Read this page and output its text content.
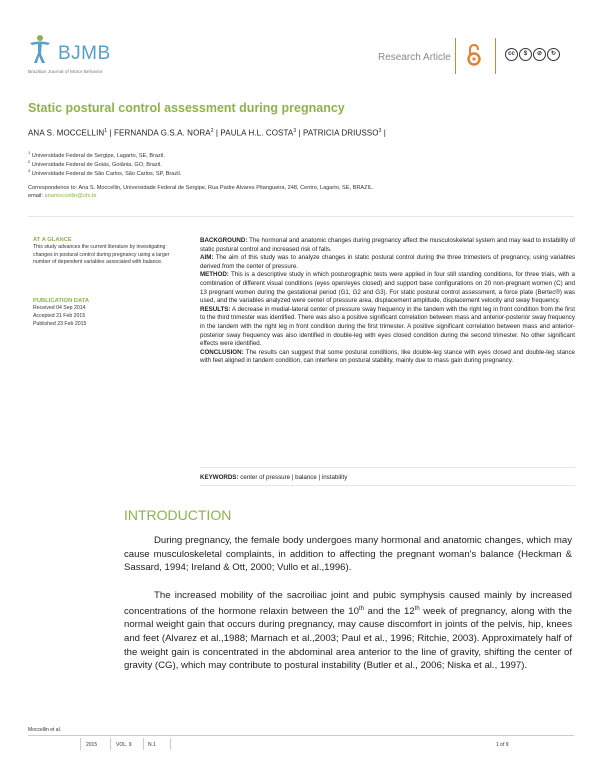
BJMB
Brazilian Journal of Motor Behavior
Research Article	cc	$	⊘	↻
Static postural control assessment during pregnancy
ANA S. MOCCELLIN$^1$ | FERNANDA G.S.A. NORA$^2$ | PAULA H.L. COSTA$^3$ | PATRICIA DRIUSSO$^3$ |
$^1$ Universidade Federal de Sergipe, Lagarto, SE, Brazil.
$^2$ Universidade Federal de Goiás, Goiânia, GO, Brazil.
$^3$ Universidade Federal de São Carlos, São Carlos, SP, Brazil.
Correspondence to: Ana S. Moccellin, Universidade Federal de Sergipe, Rua Padre Alvares Pitangueira, 248, Centro, Lagarto, SE, BRAZIL.
email: anamoccellin@ufs.br
AT A GLANCE
This study advances the current literature by investigating changes in postural control during pregnancy using a larger number of dependent variables associated with balance.
PUBLICATION DATA
Received 04 Sep 2014
Accepted 21 Feb 2015
Published 23 Feb 2015
BACKGROUND: The hormonal and anatomic changes during pregnancy affect the musculoskeletal system and may lead to instability of static postural control and increased risk of falls.
AIM: The aim of this study was to analyze changes in static postural control during the three trimesters of pregnancy, using variables derived from the center of pressure.
METHOD: This is a descriptive study in which posturographic tests were applied in four still standing conditions, for three trials, with a combination of different visual conditions (eyes open/eyes closed) and support base configurations on 20 non-pregnant women (C) and 13 pregnant women during the gestational period (G1, G2 and G3). For static postural control assessment, a force plate (Bertec®) was used, and the variables analyzed were center of pressure area, displacement amplitude, displacement velocity and sway frequency.
RESULTS: A decrease in medial-lateral center of pressure sway frequency in the tandem with the right leg in front condition from the first to the third trimester was identified. There was also a positive significant correlation between mass and anterior-posterior sway frequency in the tandem with the right leg in front condition during the first trimester. A positive significant correlation between mass and anterior-posterior sway frequency was also identified in double-leg with eyes closed condition during the second trimester. No other significant effects were identified.
CONCLUSION: The results can suggest that some postural conditions, like double-leg stance with eyes closed and double-leg stance with feet aligned in tandem condition, can interfere on postural stability, mainly due to mass gain during pregnancy.
KEYWORDS: center of pressure | balance | instability
INTRODUCTION
During pregnancy, the female body undergoes many hormonal and anatomic changes, which may cause musculoskeletal complaints, in addition to affecting the pregnant woman's balance (Heckman & Sassard, 1994; Ireland & Ott, 2000; Vullo et al.,1996).
The increased mobility of the sacroiliac joint and pubic symphysis caused mainly by increased concentrations of the hormone relaxin between the 10th and the 12th week of pregnancy, along with the normal weight gain that occurs during pregnancy, may cause discomfort in joints of the pelvis, hip, knees and feet (Alvarez et al.,1988; Marnach et al.,2003; Paul et al., 1996; Ritchie, 2003). Approximately half of the weight gain is concentrated in the abdominal area anterior to the line of gravity, shifting the center of gravity (CG), which may contribute to postural instability (Butler et al., 2006; Niska et al., 1997).
Moccellin et al.
2015	VOL. 9	N.1	1 of 9
